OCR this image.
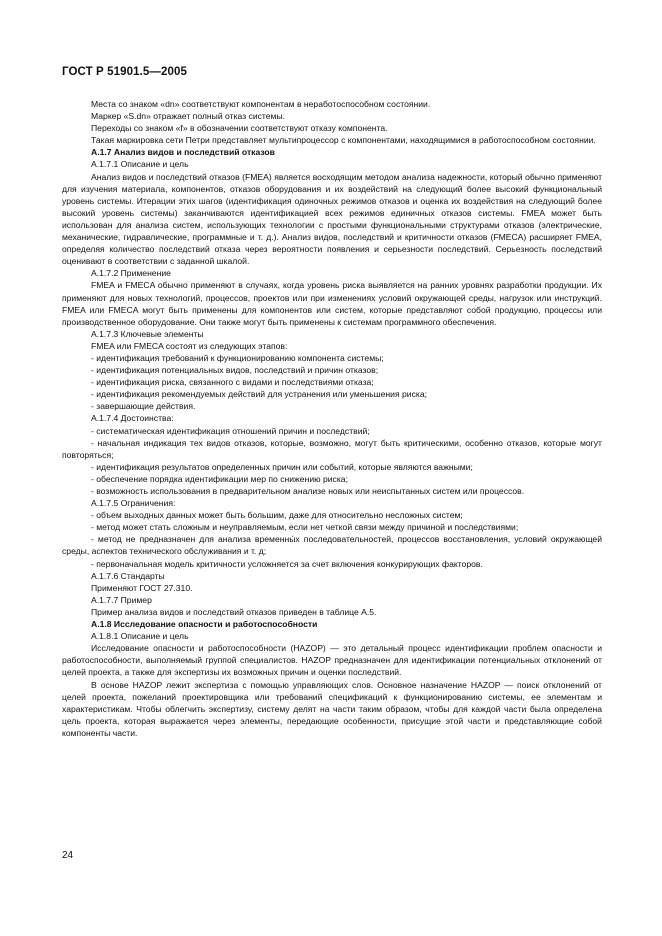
ГОСТ Р 51901.5—2005

Места со знаком «dn» соответствуют компонентам в неработоспособном состоянии.

Маркер «S.dn» отражает полный отказ системы.

Переходы со знаком «f» в обозначении соответствуют отказу компонента.

Такая маркировка сети Петри представляет мультипроцессор с компонентами, находящимися в работоспособном состоянии.

А.1.7 Анализ видов и последствий отказов

А.1.7.1 Описание и цель

Анализ видов и последствий отказов (FMEA) является восходящим методом анализа надежности, который обычно применяют для изучения материала, компонентов, отказов оборудования и их воздействий на следующий более высокий функциональный уровень системы. Итерации этих шагов (идентификация одиночных режимов отказов и оценка их воздействия на следующий более высокий уровень системы) заканчиваются идентификацией всех режимов единичных отказов системы. FMEA может быть использован для анализа систем, использующих технологии с простыми функциональными структурами отказов (электрические, механические, гидравлические, программные и т. д.). Анализ видов, последствий и критичности отказов (FMECA) расширяет FMEA, определяя количество последствий отказа через вероятности появления и серьезности последствий. Серьезность последствий оценивают в соответствии с заданной шкалой.

А.1.7.2 Применение

FMEA и FMECA обычно применяют в случаях, когда уровень риска выявляется на ранних уровнях разработки продукции. Их применяют для новых технологий, процессов, проектов или при изменениях условий окружающей среды, нагрузок или инструкций. FMEA или FMECA могут быть применены для компонентов или систем, которые представляют собой продукцию, процессы или производственное оборудование. Они также могут быть применены к системам программного обеспечения.

А.1.7.3 Ключевые элементы

FMEA или FMECA состоят из следующих этапов:

- идентификация требований к функционированию компонента системы;

- идентификация потенциальных видов, последствий и причин отказов;

- идентификация риска, связанного с видами и последствиями отказа;

- идентификация рекомендуемых действий для устранения или уменьшения риска;

- завершающие действия.

А.1.7.4 Достоинства:

- систематическая идентификация отношений причин и последствий;

- начальная индикация тех видов отказов, которые, возможно, могут быть критическими, особенно отказов, которые могут повторяться;

- идентификация результатов определенных причин или событий, которые являются важными;

- обеспечение порядка идентификации мер по снижению риска;

- возможность использования в предварительном анализе новых или неиспытанных систем или процессов.

А.1.7.5 Ограничения:

- объем выходных данных может быть большим, даже для относительно несложных систем;

- метод может стать сложным и неуправляемым, если нет четкой связи между причиной и последствиями;

- метод не предназначен для анализа временны́х последовательностей, процессов восстановления, условий окружающей среды, аспектов технического обслуживания и т. д;

- первоначальная модель критичности усложняется за счет включения конкурирующих факторов.

А.1.7.6 Стандарты

Применяют ГОСТ 27.310.

А.1.7.7 Пример

Пример анализа видов и последствий отказов приведен в таблице А.5.

А.1.8 Исследование опасности и работоспособности

А.1.8.1 Описание и цель

Исследование опасности и работоспособности (HAZOP) — это детальный процесс идентификации проблем опасности и работоспособности, выполняемый группой специалистов. HAZOP предназначен для идентификации потенциальных отклонений от целей проекта, а также для экспертизы их возможных причин и оценки последствий.

В основе HAZOP лежит экспертиза с помощью управляющих слов. Основное назначение HAZOP — поиск отклонений от целей проекта, пожеланий проектировщика или требований спецификаций к функционированию системы, ее элементам и характеристикам. Чтобы облегчить экспертизу, систему делят на части таким образом, чтобы для каждой части была определена цель проекта, которая выражается через элементы, передающие особенности, присущие этой части и представляющие собой компоненты части.

24
